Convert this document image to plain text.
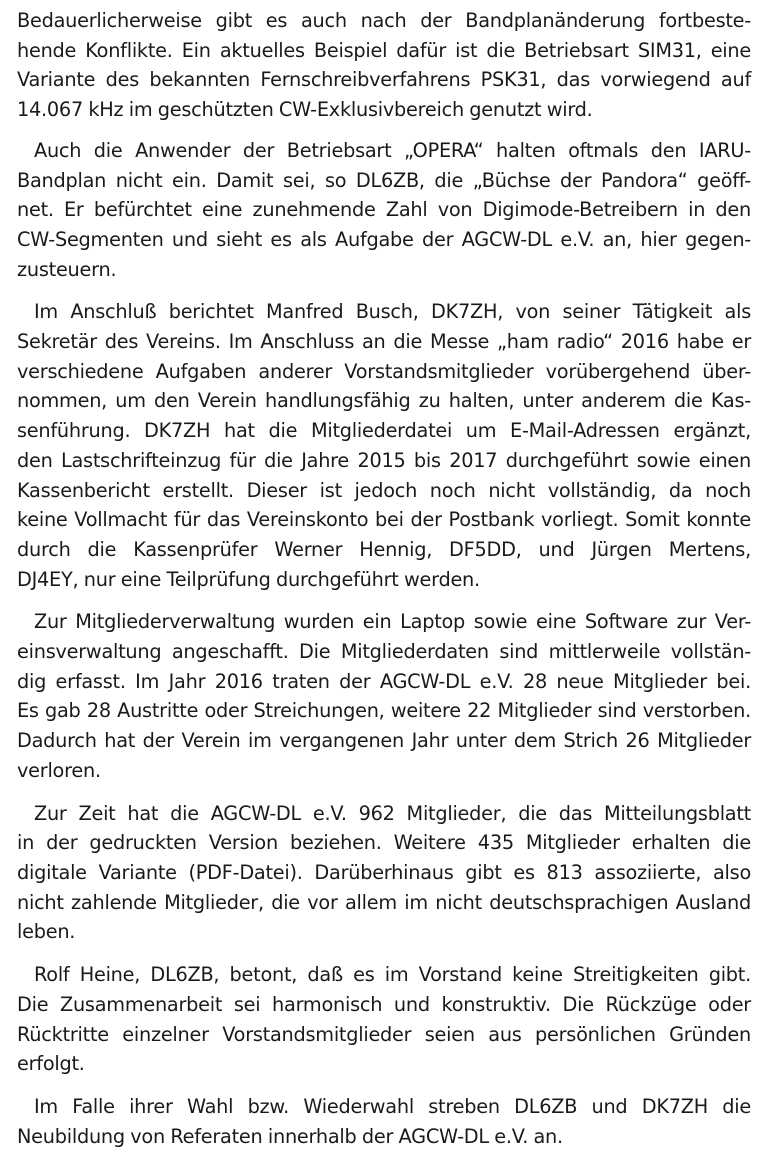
Bedauerlicherweise gibt es auch nach der Bandplanänderung fortbeste-
hende Konflikte. Ein aktuelles Beispiel dafür ist die Betriebsart SIM31, eine
Variante des bekannten Fernschreibverfahrens PSK31, das vorwiegend auf
14.067 kHz im geschützten CW-Exklusivbereich genutzt wird.

Auch die Anwender der Betriebsart „OPERA“ halten oftmals den IARU-
Bandplan nicht ein. Damit sei, so DL6ZB, die „Büchse der Pandora“ geöff-
net. Er befürchtet eine zunehmende Zahl von Digimode-Betreibern in den
CW-Segmenten und sieht es als Aufgabe der AGCW-DL e.V. an, hier gegen-
zusteuern.

Im Anschluß berichtet Manfred Busch, DK7ZH, von seiner Tätigkeit als
Sekretär des Vereins. Im Anschluss an die Messe „ham radio“ 2016 habe er
verschiedene Aufgaben anderer Vorstandsmitglieder vorübergehend über-
nommen, um den Verein handlungsfähig zu halten, unter anderem die Kas-
senführung. DK7ZH hat die Mitgliederdatei um E-Mail-Adressen ergänzt,
den Lastschrifteinzug für die Jahre 2015 bis 2017 durchgeführt sowie einen
Kassenbericht erstellt. Dieser ist jedoch noch nicht vollständig, da noch
keine Vollmacht für das Vereinskonto bei der Postbank vorliegt. Somit konnte
durch die Kassenprüfer Werner Hennig, DF5DD, und Jürgen Mertens,
DJ4EY, nur eine Teilprüfung durchgeführt werden.

Zur Mitgliederverwaltung wurden ein Laptop sowie eine Software zur Ver-
einsverwaltung angeschafft. Die Mitgliederdaten sind mittlerweile vollstän-
dig erfasst. Im Jahr 2016 traten der AGCW-DL e.V. 28 neue Mitglieder bei.
Es gab 28 Austritte oder Streichungen, weitere 22 Mitglieder sind verstorben.
Dadurch hat der Verein im vergangenen Jahr unter dem Strich 26 Mitglieder
verloren.

Zur Zeit hat die AGCW-DL e.V. 962 Mitglieder, die das Mitteilungsblatt
in der gedruckten Version beziehen. Weitere 435 Mitglieder erhalten die
digitale Variante (PDF-Datei). Darüberhinaus gibt es 813 assoziierte, also
nicht zahlende Mitglieder, die vor allem im nicht deutschsprachigen Ausland
leben.

Rolf Heine, DL6ZB, betont, daß es im Vorstand keine Streitigkeiten gibt.
Die Zusammenarbeit sei harmonisch und konstruktiv. Die Rückzüge oder
Rücktritte einzelner Vorstandsmitglieder seien aus persönlichen Gründen
erfolgt.

Im Falle ihrer Wahl bzw. Wiederwahl streben DL6ZB und DK7ZH die
Neubildung von Referaten innerhalb der AGCW-DL e.V. an.
